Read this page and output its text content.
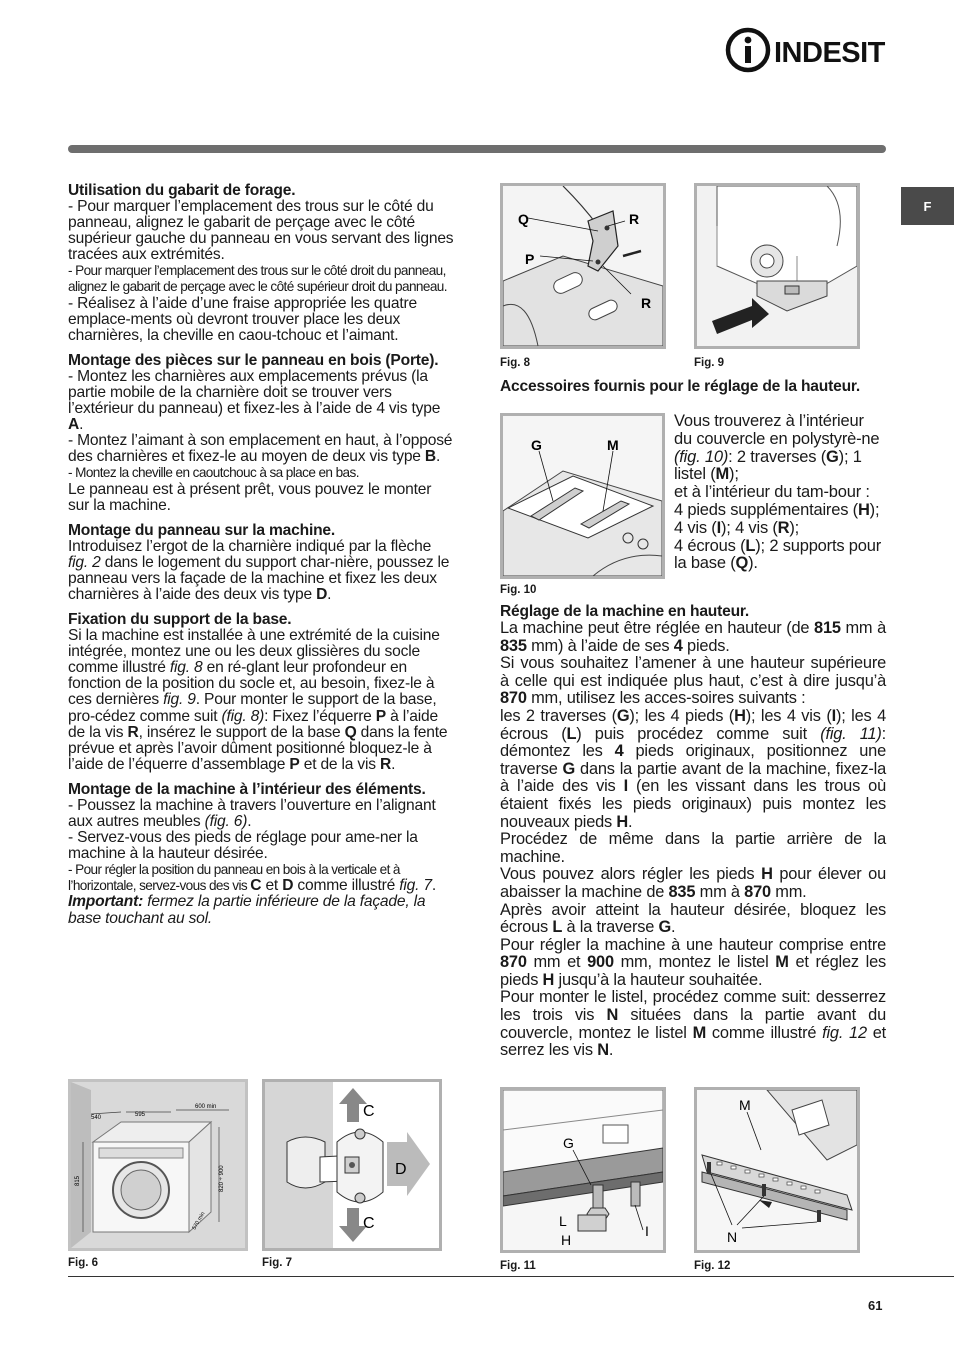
INDESIT
F

Utilisation du gabarit de forage.

- Pour marquer l’emplacement des trous sur le côté du panneau, alignez le gabarit de perçage avec le côté supérieur gauche du panneau en vous servant des lignes tracées aux extrémités.

- Pour marquer l’emplacement des trous sur le côté droit du panneau, alignez le gabarit de perçage avec le côté supérieur droit du panneau.

- Réalisez à l’aide d’une fraise appropriée les quatre emplace-ments où devront trouver place les deux charnières, la cheville en caou-tchouc et l’aimant.

Montage des pièces sur le panneau en bois (Porte).

- Montez les charnières aux emplacements prévus (la partie mobile de la charnière doit se trouver vers l’extérieur du panneau) et fixez-les à l’aide de 4 vis type A.

- Montez l’aimant à son emplacement en haut, à l’opposé des charnières et fixez-le au moyen de deux vis type B.

- Montez la cheville en caoutchouc à sa place en bas.

Le panneau est à présent prêt, vous pouvez le monter sur la machine.

Montage du panneau sur la machine.

Introduisez l’ergot de la charnière indiqué par la flèche fig. 2 dans le logement du support char-nière, poussez le panneau vers la façade de la machine et fixez les deux charnières à l’aide des deux vis type D.

Fixation du support de la base.

Si la machine est installée à une extrémité de la cuisine intégrée, montez une ou les deux glissières du socle comme illustré fig. 8 en ré-glant leur profondeur en fonction de la position du socle et, au besoin, fixez-le à ces dernières fig. 9. Pour monter le support de la base, pro-cédez comme suit (fig. 8): Fixez l’équerre P à l’aide de la vis R, insérez le support de la base Q dans la fente prévue et après l’avoir dûment positionné bloquez-le à l’aide de l’équerre d’assemblage P et de la vis R.

Montage de la machine à l’intérieur des éléments.

- Poussez la machine à travers l’ouverture en l’alignant aux autres meubles (fig. 6).

- Servez-vous des pieds de réglage pour ame-ner la machine à la hauteur désirée.

- Pour régler la position du panneau en bois à la verticale et à l’horizontale, servez-vous des vis C et D comme illustré fig. 7.

Important: fermez la partie inférieure de la façade, la base touchant au sol.

Accessoires fournis pour le réglage de la hauteur.

Vous trouverez à l’intérieur du couvercle en polystyrè-ne (fig. 10): 2 traverses (G); 1 listel (M);
et à l’intérieur du tam-bour :
4 pieds supplémentaires (H); 4 vis (I); 4 vis (R);
4 écrous (L); 2 supports pour la base (Q).

Réglage de la machine en hauteur.

La machine peut être réglée en hauteur (de 815 mm à 835 mm) à l’aide de ses 4 pieds.
Si vous souhaitez l’amener à une hauteur supérieure à celle qui est indiquée plus haut, c’est à dire jusqu’à 870 mm, utilisez les acces-soires suivants :
les 2 traverses (G); les 4 pieds (H); les 4 vis (I); les 4 écrous (L) puis procédez comme suit (fig. 11): démontez les 4 pieds originaux, positionnez une traverse G dans la partie avant de la machine, fixez-la à l’aide des vis I (en les vissant dans les trous où étaient fixés les pieds originaux) puis montez les nouveaux pieds H.
Procédez de même dans la partie arrière de la machine.
Vous pouvez alors régler les pieds H pour élever ou abaisser la machine de 835 mm à 870 mm.
Après avoir atteint la hauteur désirée, bloquez les écrous L à la traverse G.
Pour régler la machine à une hauteur comprise entre 870 mm et 900 mm, montez le listel M et réglez les pieds H jusqu’à la hauteur souhaitée.
Pour monter le listel, procédez comme suit: desserrez les trois vis N situées dans la partie avant du couvercle, montez le listel M comme illustré fig. 12 et serrez les vis N.

Q	R
P
R
Fig. 8	Fig. 9
G	M
Fig. 10
540	595
600 min
815	820 ÷ 900
570 min
Fig. 6
C
D
C
Fig. 7
G
L
H
I
Fig. 11
M
N
Fig. 12
61
